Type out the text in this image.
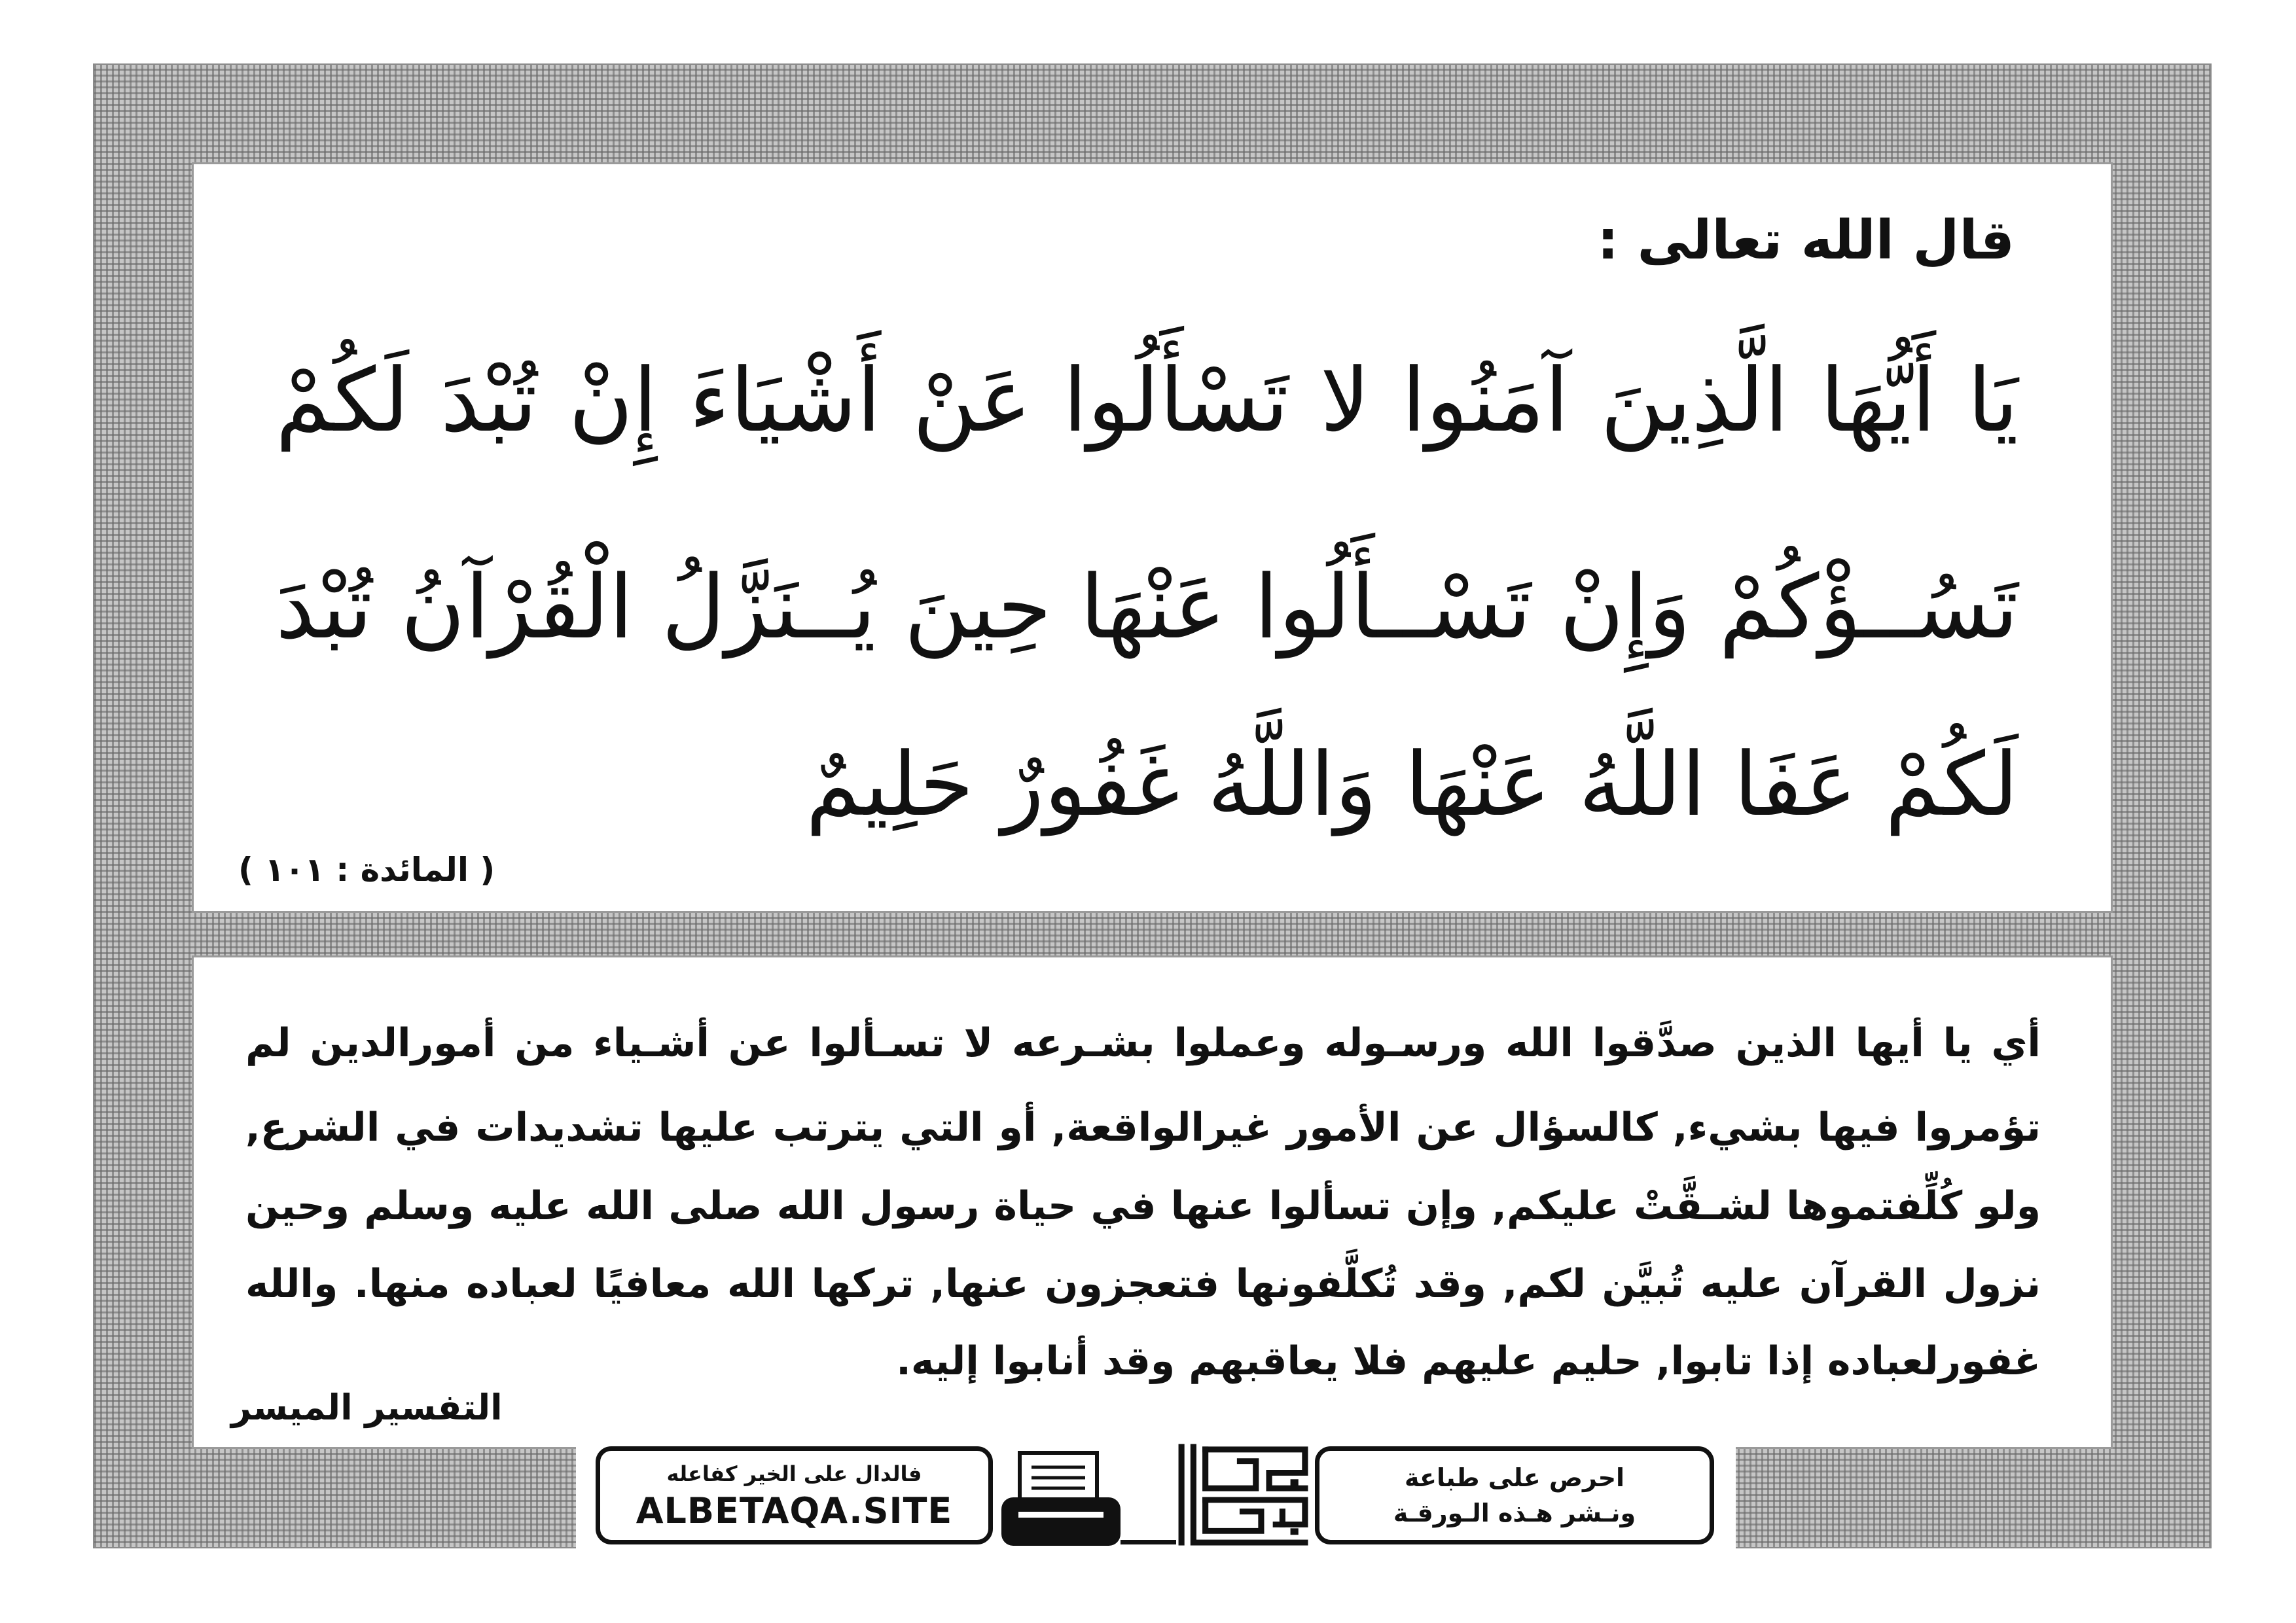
قال الله تعالى :
يَا أَيُّهَا الَّذِينَ آمَنُوا لا تَسْأَلُوا عَنْ أَشْيَاءَ إِنْ تُبْدَ لَكُمْ
تَسُــؤْكُمْ وَإِنْ تَسْــأَلُوا عَنْهَا حِينَ يُــنَزَّلُ الْقُرْآنُ تُبْدَ
لَكُمْ عَفَا اللَّهُ عَنْهَا وَاللَّهُ غَفُورٌ حَلِيمٌ
( المائدة : ١٠١ )
أي يا أيها الذين صدَّقوا الله ورسـوله وعملوا بشـرعه لا تسـألوا عن أشـياء من أمورالدين لم
تؤمروا فيها بشيء, كالسؤال عن الأمور غيرالواقعة, أو التي يترتب عليها تشديدات في الشرع,
ولو كُلِّفتموها لشـقَّتْ عليكم, وإن تسألوا عنها في حياة رسول الله صلى الله عليه وسلم وحين
نزول القرآن عليه تُبيَّن لكم, وقد تُكلَّفونها فتعجزون عنها, تركها الله معافيًا لعباده منها. والله
غفورلعباده إذا تابوا, حليم عليهم فلا يعاقبهم وقد أنابوا إليه.
التفسير الميسر
فالدال على الخير كفاعله
ALBETAQA.SITE
احرص على طباعة
ونـشر هـذه الـورقـة
